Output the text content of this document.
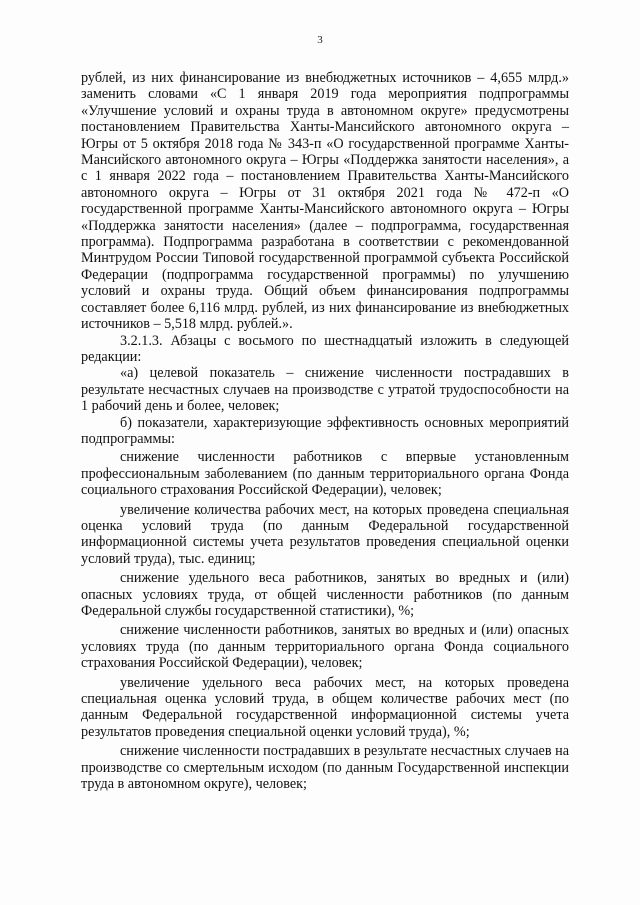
3

рублей, из них финансирование из внебюджетных источников – 4,655 млрд.» заменить словами «С 1 января 2019 года мероприятия подпрограммы «Улучшение условий и охраны труда в автономном округе» предусмотрены постановлением Правительства Ханты-Мансийского автономного округа – Югры от 5 октября 2018 года № 343-п «О государственной программе Ханты-Мансийского автономного округа – Югры «Поддержка занятости населения», а с 1 января 2022 года – постановлением Правительства Ханты-Мансийского автономного округа – Югры от 31 октября 2021 года № 472-п «О государственной программе Ханты-Мансийского автономного округа – Югры «Поддержка занятости населения» (далее – подпрограмма, государственная программа). Подпрограмма разработана в соответствии с рекомендованной Минтрудом России Типовой государственной программой субъекта Российской Федерации (подпрограмма государственной программы) по улучшению условий и охраны труда. Общий объем финансирования подпрограммы составляет более 6,116 млрд. рублей, из них финансирование из внебюджетных источников – 5,518 млрд. рублей.».

3.2.1.3. Абзацы с восьмого по шестнадцатый изложить в следующей редакции:

«а) целевой показатель – снижение численности пострадавших в результате несчастных случаев на производстве с утратой трудоспособности на 1 рабочий день и более, человек;

б) показатели, характеризующие эффективность основных мероприятий подпрограммы:

снижение численности работников с впервые установленным профессиональным заболеванием (по данным территориального органа Фонда социального страхования Российской Федерации), человек;

увеличение количества рабочих мест, на которых проведена специальная оценка условий труда (по данным Федеральной государственной информационной системы учета результатов проведения специальной оценки условий труда), тыс. единиц;

снижение удельного веса работников, занятых во вредных и (или) опасных условиях труда, от общей численности работников (по данным Федеральной службы государственной статистики), %;

снижение численности работников, занятых во вредных и (или) опасных условиях труда (по данным территориального органа Фонда социального страхования Российской Федерации), человек;

увеличение удельного веса рабочих мест, на которых проведена специальная оценка условий труда, в общем количестве рабочих мест (по данным Федеральной государственной информационной системы учета результатов проведения специальной оценки условий труда), %;

снижение численности пострадавших в результате несчастных случаев на производстве со смертельным исходом (по данным Государственной инспекции труда в автономном округе), человек;
